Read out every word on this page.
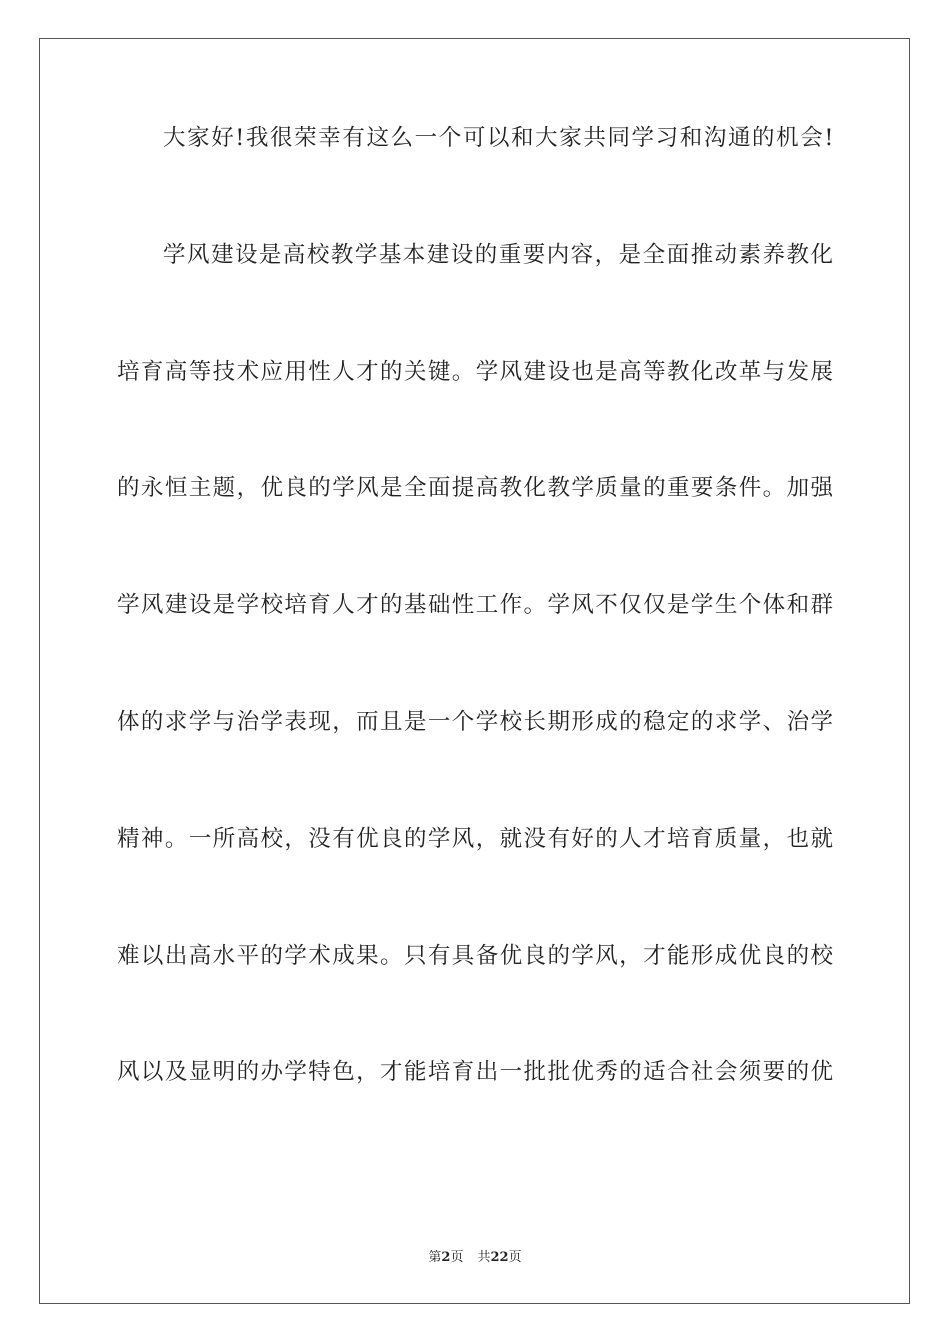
大家好!我很荣幸有这么一个可以和大家共同学习和沟通的机会!
学风建设是高校教学基本建设的重要内容，是全面推动素养教化
培育高等技术应用性人才的关键。学风建设也是高等教化改革与发展
的永恒主题，优良的学风是全面提高教化教学质量的重要条件。加强
学风建设是学校培育人才的基础性工作。学风不仅仅是学生个体和群
体的求学与治学表现，而且是一个学校长期形成的稳定的求学、治学
精神。一所高校，没有优良的学风，就没有好的人才培育质量，也就
难以出高水平的学术成果。只有具备优良的学风，才能形成优良的校
风以及显明的办学特色，才能培育出一批批优秀的适合社会须要的优
第2页 共22页
